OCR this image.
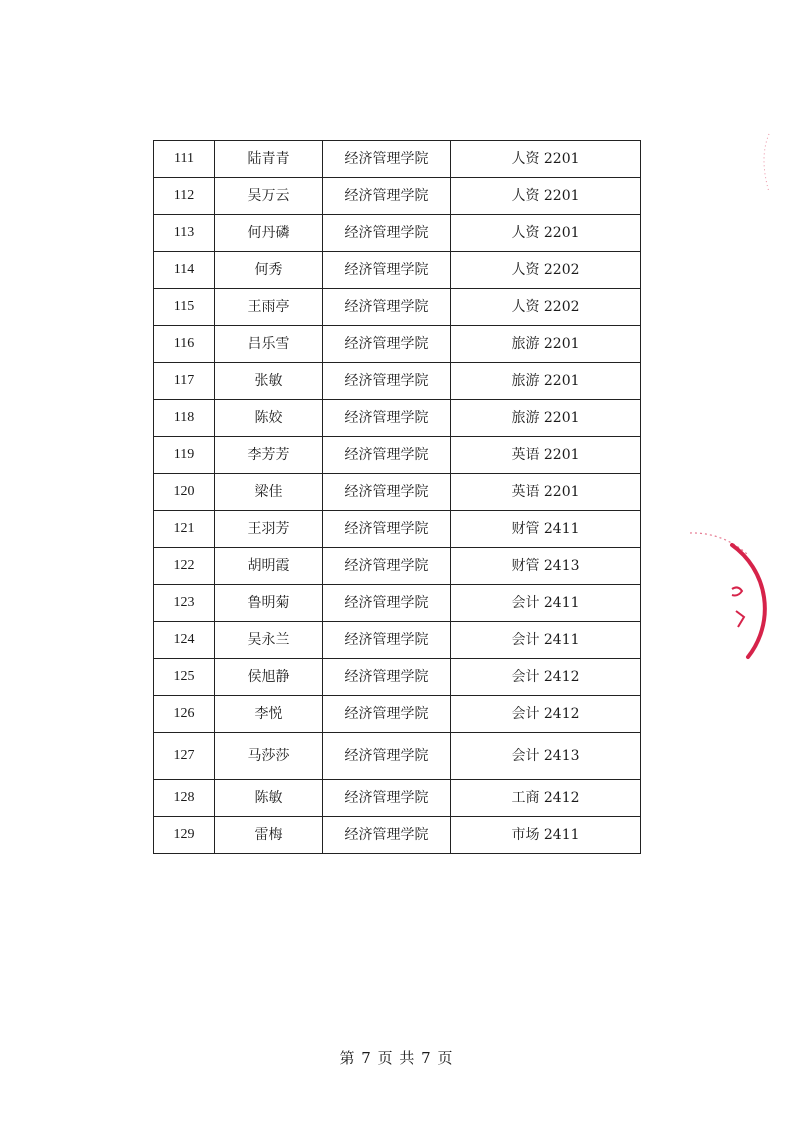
111	陆青青	经济管理学院	人资 2201
112	吴万云	经济管理学院	人资 2201
113	何丹磷	经济管理学院	人资 2201
114	何秀	经济管理学院	人资 2202
115	王雨亭	经济管理学院	人资 2202
116	吕乐雪	经济管理学院	旅游 2201
117	张敏	经济管理学院	旅游 2201
118	陈姣	经济管理学院	旅游 2201
119	李芳芳	经济管理学院	英语 2201
120	梁佳	经济管理学院	英语 2201
121	王羽芳	经济管理学院	财管 2411
122	胡明霞	经济管理学院	财管 2413
123	鲁明菊	经济管理学院	会计 2411
124	吴永兰	经济管理学院	会计 2411
125	侯旭静	经济管理学院	会计 2412
126	李悦	经济管理学院	会计 2412
127	马莎莎	经济管理学院	会计 2413
128	陈敏	经济管理学院	工商 2412
129	雷梅	经济管理学院	市场 2411
第 7 页 共 7 页
